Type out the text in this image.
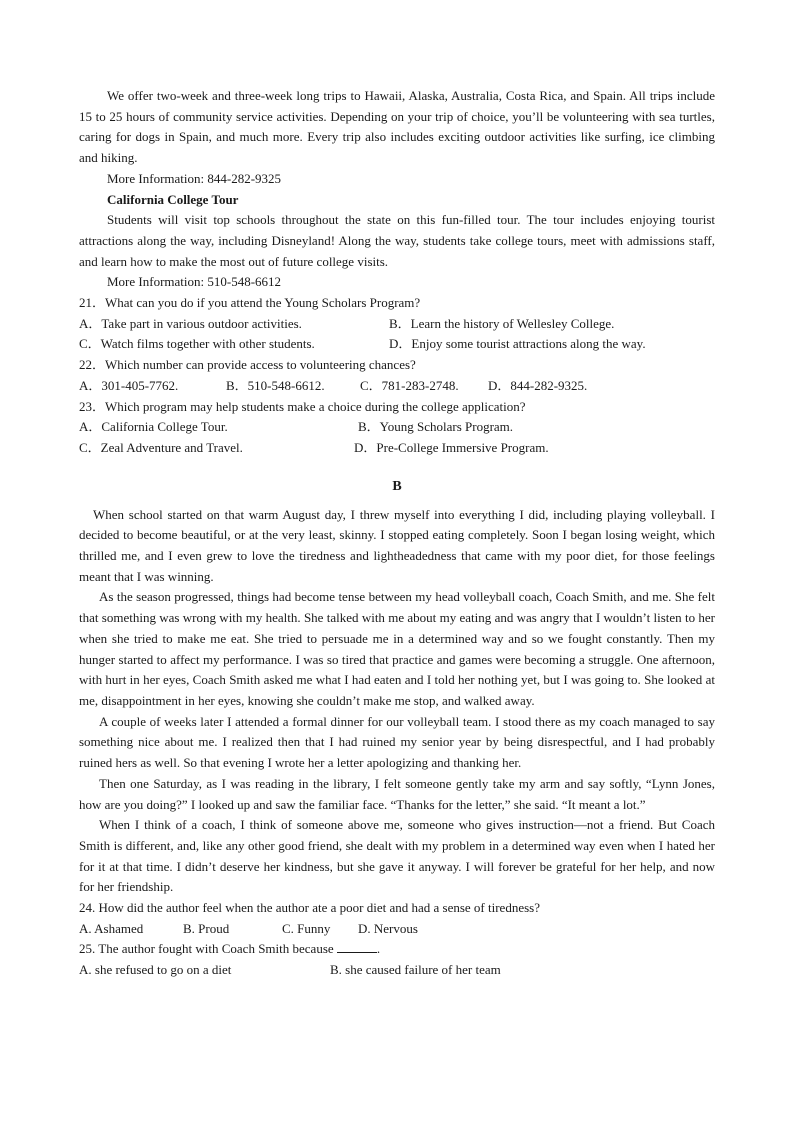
We offer two-week and three-week long trips to Hawaii, Alaska, Australia, Costa Rica, and Spain. All trips include 15 to 25 hours of community service activities. Depending on your trip of choice, you’ll be volunteering with sea turtles, caring for dogs in Spain, and much more. Every trip also includes exciting outdoor activities like surfing, ice climbing and hiking.

More Information: 844-282-9325

California College Tour

Students will visit top schools throughout the state on this fun-filled tour. The tour includes enjoying tourist attractions along the way, including Disneyland! Along the way, students take college tours, meet with admissions staff, and learn how to make the most out of future college visits.

More Information: 510-548-6612

21．What can you do if you attend the Young Scholars Program?

A．Take part in various outdoor activities.	B．Learn the history of Wellesley College.
C．Watch films together with other students.	D．Enjoy some tourist attractions along the way.

22．Which number can provide access to volunteering chances?

A．301-405-7762.	B．510-548-6612.	C．781-283-2748.	D．844-282-9325.

23．Which program may help students make a choice during the college application?

A．California College Tour.	B．Young Scholars Program.
C．Zeal Adventure and Travel.	D．Pre-College Immersive Program.
B

When school started on that warm August day, I threw myself into everything I did, including playing volleyball. I decided to become beautiful, or at the very least, skinny. I stopped eating completely. Soon I began losing weight, which thrilled me, and I even grew to love the tiredness and lightheadedness that came with my poor diet, for those feelings meant that I was winning.

As the season progressed, things had become tense between my head volleyball coach, Coach Smith, and me. She felt that something was wrong with my health. She talked with me about my eating and was angry that I wouldn’t listen to her when she tried to make me eat. She tried to persuade me in a determined way and so we fought constantly. Then my hunger started to affect my performance. I was so tired that practice and games were becoming a struggle. One afternoon, with hurt in her eyes, Coach Smith asked me what I had eaten and I told her nothing yet, but I was going to. She looked at me, disappointment in her eyes, knowing she couldn’t make me stop, and walked away.

A couple of weeks later I attended a formal dinner for our volleyball team. I stood there as my coach managed to say something nice about me. I realized then that I had ruined my senior year by being disrespectful, and I had probably ruined hers as well. So that evening I wrote her a letter apologizing and thanking her.

Then one Saturday, as I was reading in the library, I felt someone gently take my arm and say softly, “Lynn Jones, how are you doing?” I looked up and saw the familiar face. “Thanks for the letter,” she said. “It meant a lot.”

When I think of a coach, I think of someone above me, someone who gives instruction—not a friend. But Coach Smith is different, and, like any other good friend, she dealt with my problem in a determined way even when I hated her for it at that time. I didn’t deserve her kindness, but she gave it anyway. I will forever be grateful for her help, and now for her friendship.

24. How did the author feel when the author ate a poor diet and had a sense of tiredness?

A. Ashamed	B. Proud	C. Funny	D. Nervous

25. The author fought with Coach Smith because	.

A. she refused to go on a diet	B. she caused failure of her team
